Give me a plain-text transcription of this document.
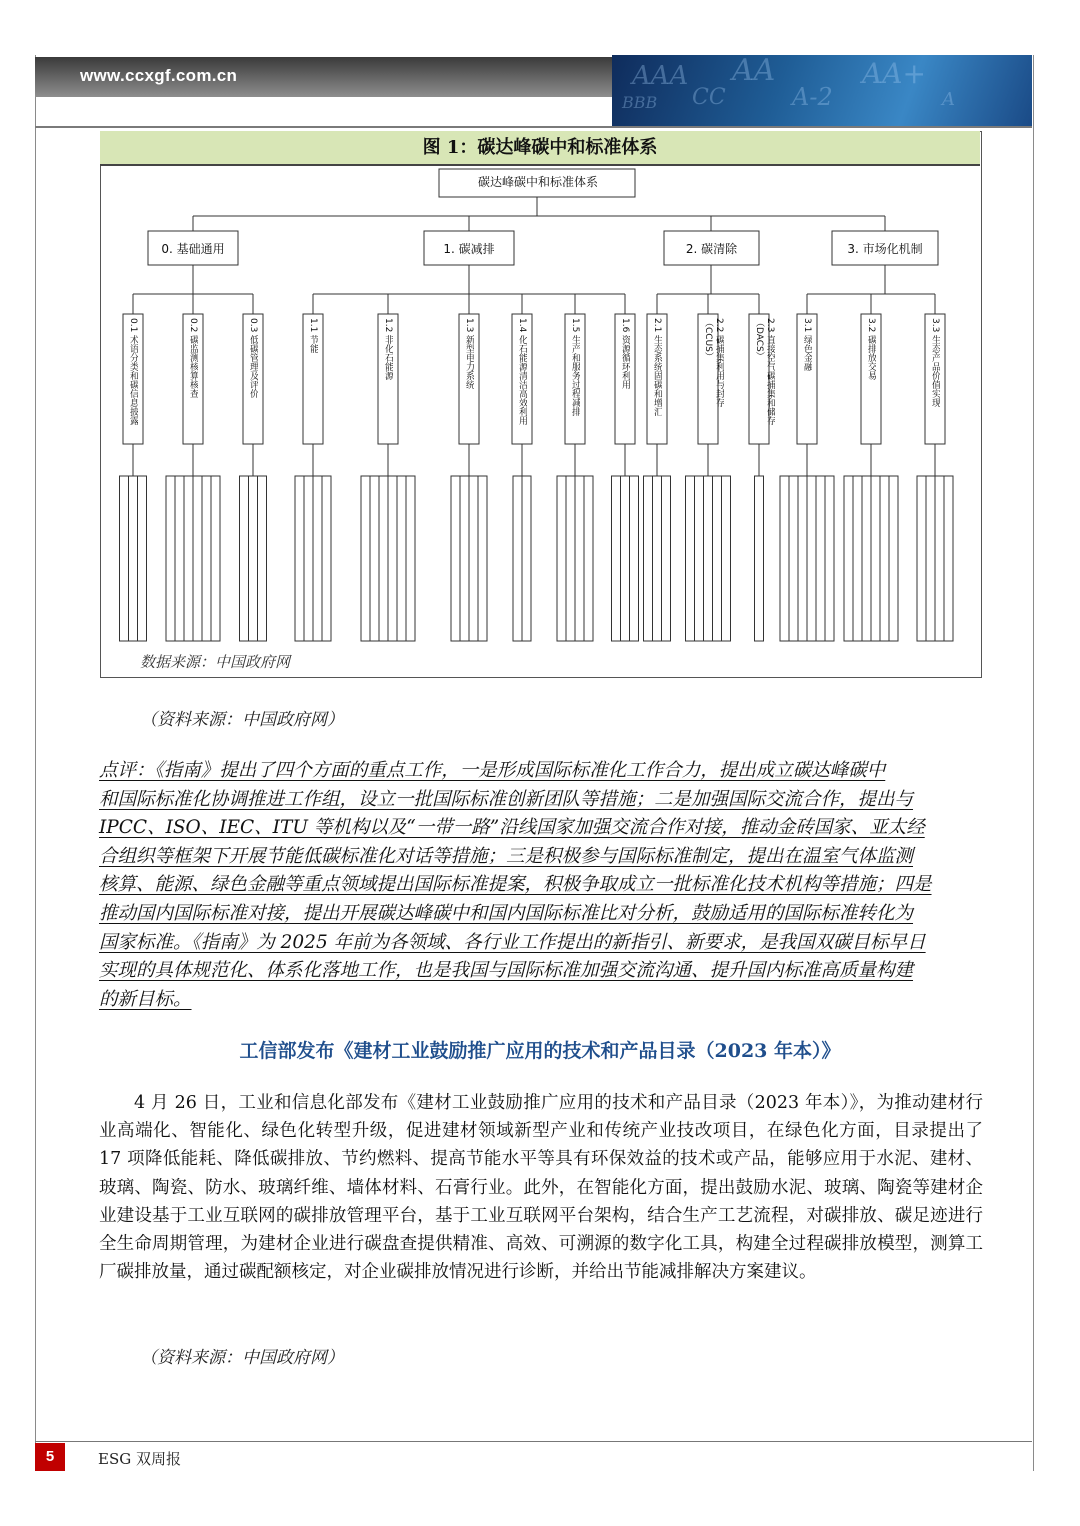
www.ccxgf.com.cn	AAA AA
BBB CC	A-2
AA+
A
ESG 双周报
图 1：碳达峰碳中和标准体系
碳达峰碳中和标准体系
0. 基础通用	1. 碳减排	2. 碳清除	3. 市场化机制
0.1 术语分类和碳信息披露	0.2 碳监测核算核查	0.3 低碳管理及评价	1.1 节能	1.2 非化石能源	1.3 新型电力系统	1.4 化石能源清洁高效利用	1.5 生产和服务过程减排	1.6 资源循环利用 2.1 生态系统固碳和增汇	2.2 碳捕集利用与封存（CCUS）	2.3 直接空气碳捕集和储存（DACS）	3.1 绿色金融	3.2 碳排放交易	3.3 生态产品价值实现
数据来源：中国政府网
（资料来源：中国政府网）
点评：《指南》提出了四个方面的重点工作，一是形成国际标准化工作合力，提出成立碳达峰碳中
和国际标准化协调推进工作组，设立一批国际标准创新团队等措施；二是加强国际交流合作，提出与
IPCC、ISO、IEC、ITU 等机构以及“一带一路”沿线国家加强交流合作对接，推动金砖国家、亚太经
合组织等框架下开展节能低碳标准化对话等措施；三是积极参与国际标准制定，提出在温室气体监测
核算、能源、绿色金融等重点领域提出国际标准提案，积极争取成立一批标准化技术机构等措施；四是
推动国内国际标准对接，提出开展碳达峰碳中和国内国际标准比对分析，鼓励适用的国际标准转化为
国家标准。《指南》为 2025 年前为各领域、各行业工作提出的新指引、新要求，是我国双碳目标早日
实现的具体规范化、体系化落地工作，也是我国与国际标准加强交流沟通、提升国内标准高质量构建
的新目标。
工信部发布《建材工业鼓励推广应用的技术和产品目录（2023 年本）》
4 月 26 日，工业和信息化部发布《建材工业鼓励推广应用的技术和产品目录（2023 年本）》，为推动建材行业高端化、智能化、绿色化转型升级，促进建材领域新型产业和传统产业技改项目，在绿色化方面，目录提出了 17 项降低能耗、降低碳排放、节约燃料、提高节能水平等具有环保效益的技术或产品，能够应用于水泥、建材、玻璃、陶瓷、防水、玻璃纤维、墙体材料、石膏行业。此外，在智能化方面，提出鼓励水泥、玻璃、陶瓷等建材企业建设基于工业互联网的碳排放管理平台，基于工业互联网平台架构，结合生产工艺流程，对碳排放、碳足迹进行全生命周期管理，为建材企业进行碳盘查提供精准、高效、可溯源的数字化工具，构建全过程碳排放模型，测算工厂碳排放量，通过碳配额核定，对企业碳排放情况进行诊断，并给出节能减排解决方案建议。
（资料来源：中国政府网）
5	ESG 双周报
